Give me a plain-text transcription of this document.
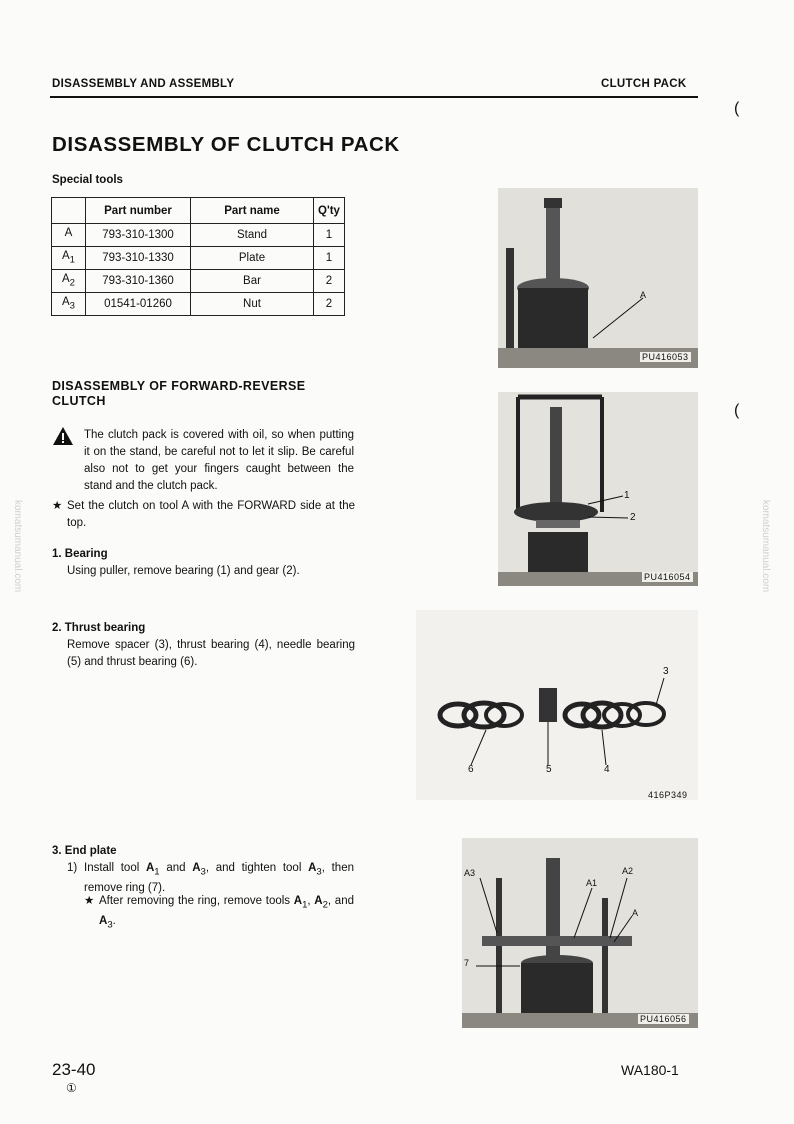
DISASSEMBLY AND ASSEMBLY	CLUTCH PACK
(
DISASSEMBLY OF CLUTCH PACK
Special tools
	Part number	Part name	Q'ty
A	793-310-1300	Stand	1
$A_1$	793-310-1330	Plate	1
$A_2$	793-310-1360	Bar	2
$A_3$	01541-01260	Nut	2
DISASSEMBLY OF FORWARD-REVERSE
CLUTCH
The clutch pack is covered with oil, so when putting it on the stand, be careful not to let it slip. Be careful also not to get your fingers caught between the stand and the clutch pack.
★ Set the clutch on tool A with the FORWARD side at the top.
1. Bearing
Using puller, remove bearing (1) and gear (2).
2. Thrust bearing
Remove spacer (3), thrust bearing (4), needle bearing (5) and thrust bearing (6).
3. End plate
1) Install tool $A_1$ and $A_3$, and tighten tool $A_3$, then remove ring (7).
★ After removing the ring, remove tools $A_1$, $A_2$, and $A_3$.
A
PU416053
1
2
PU416054
3
4
5
6
416P349
A3
A1
A2
A
7
PU416056
komatsumanual.com	komatsumanual.com
(
23-40
①
WA180-1
